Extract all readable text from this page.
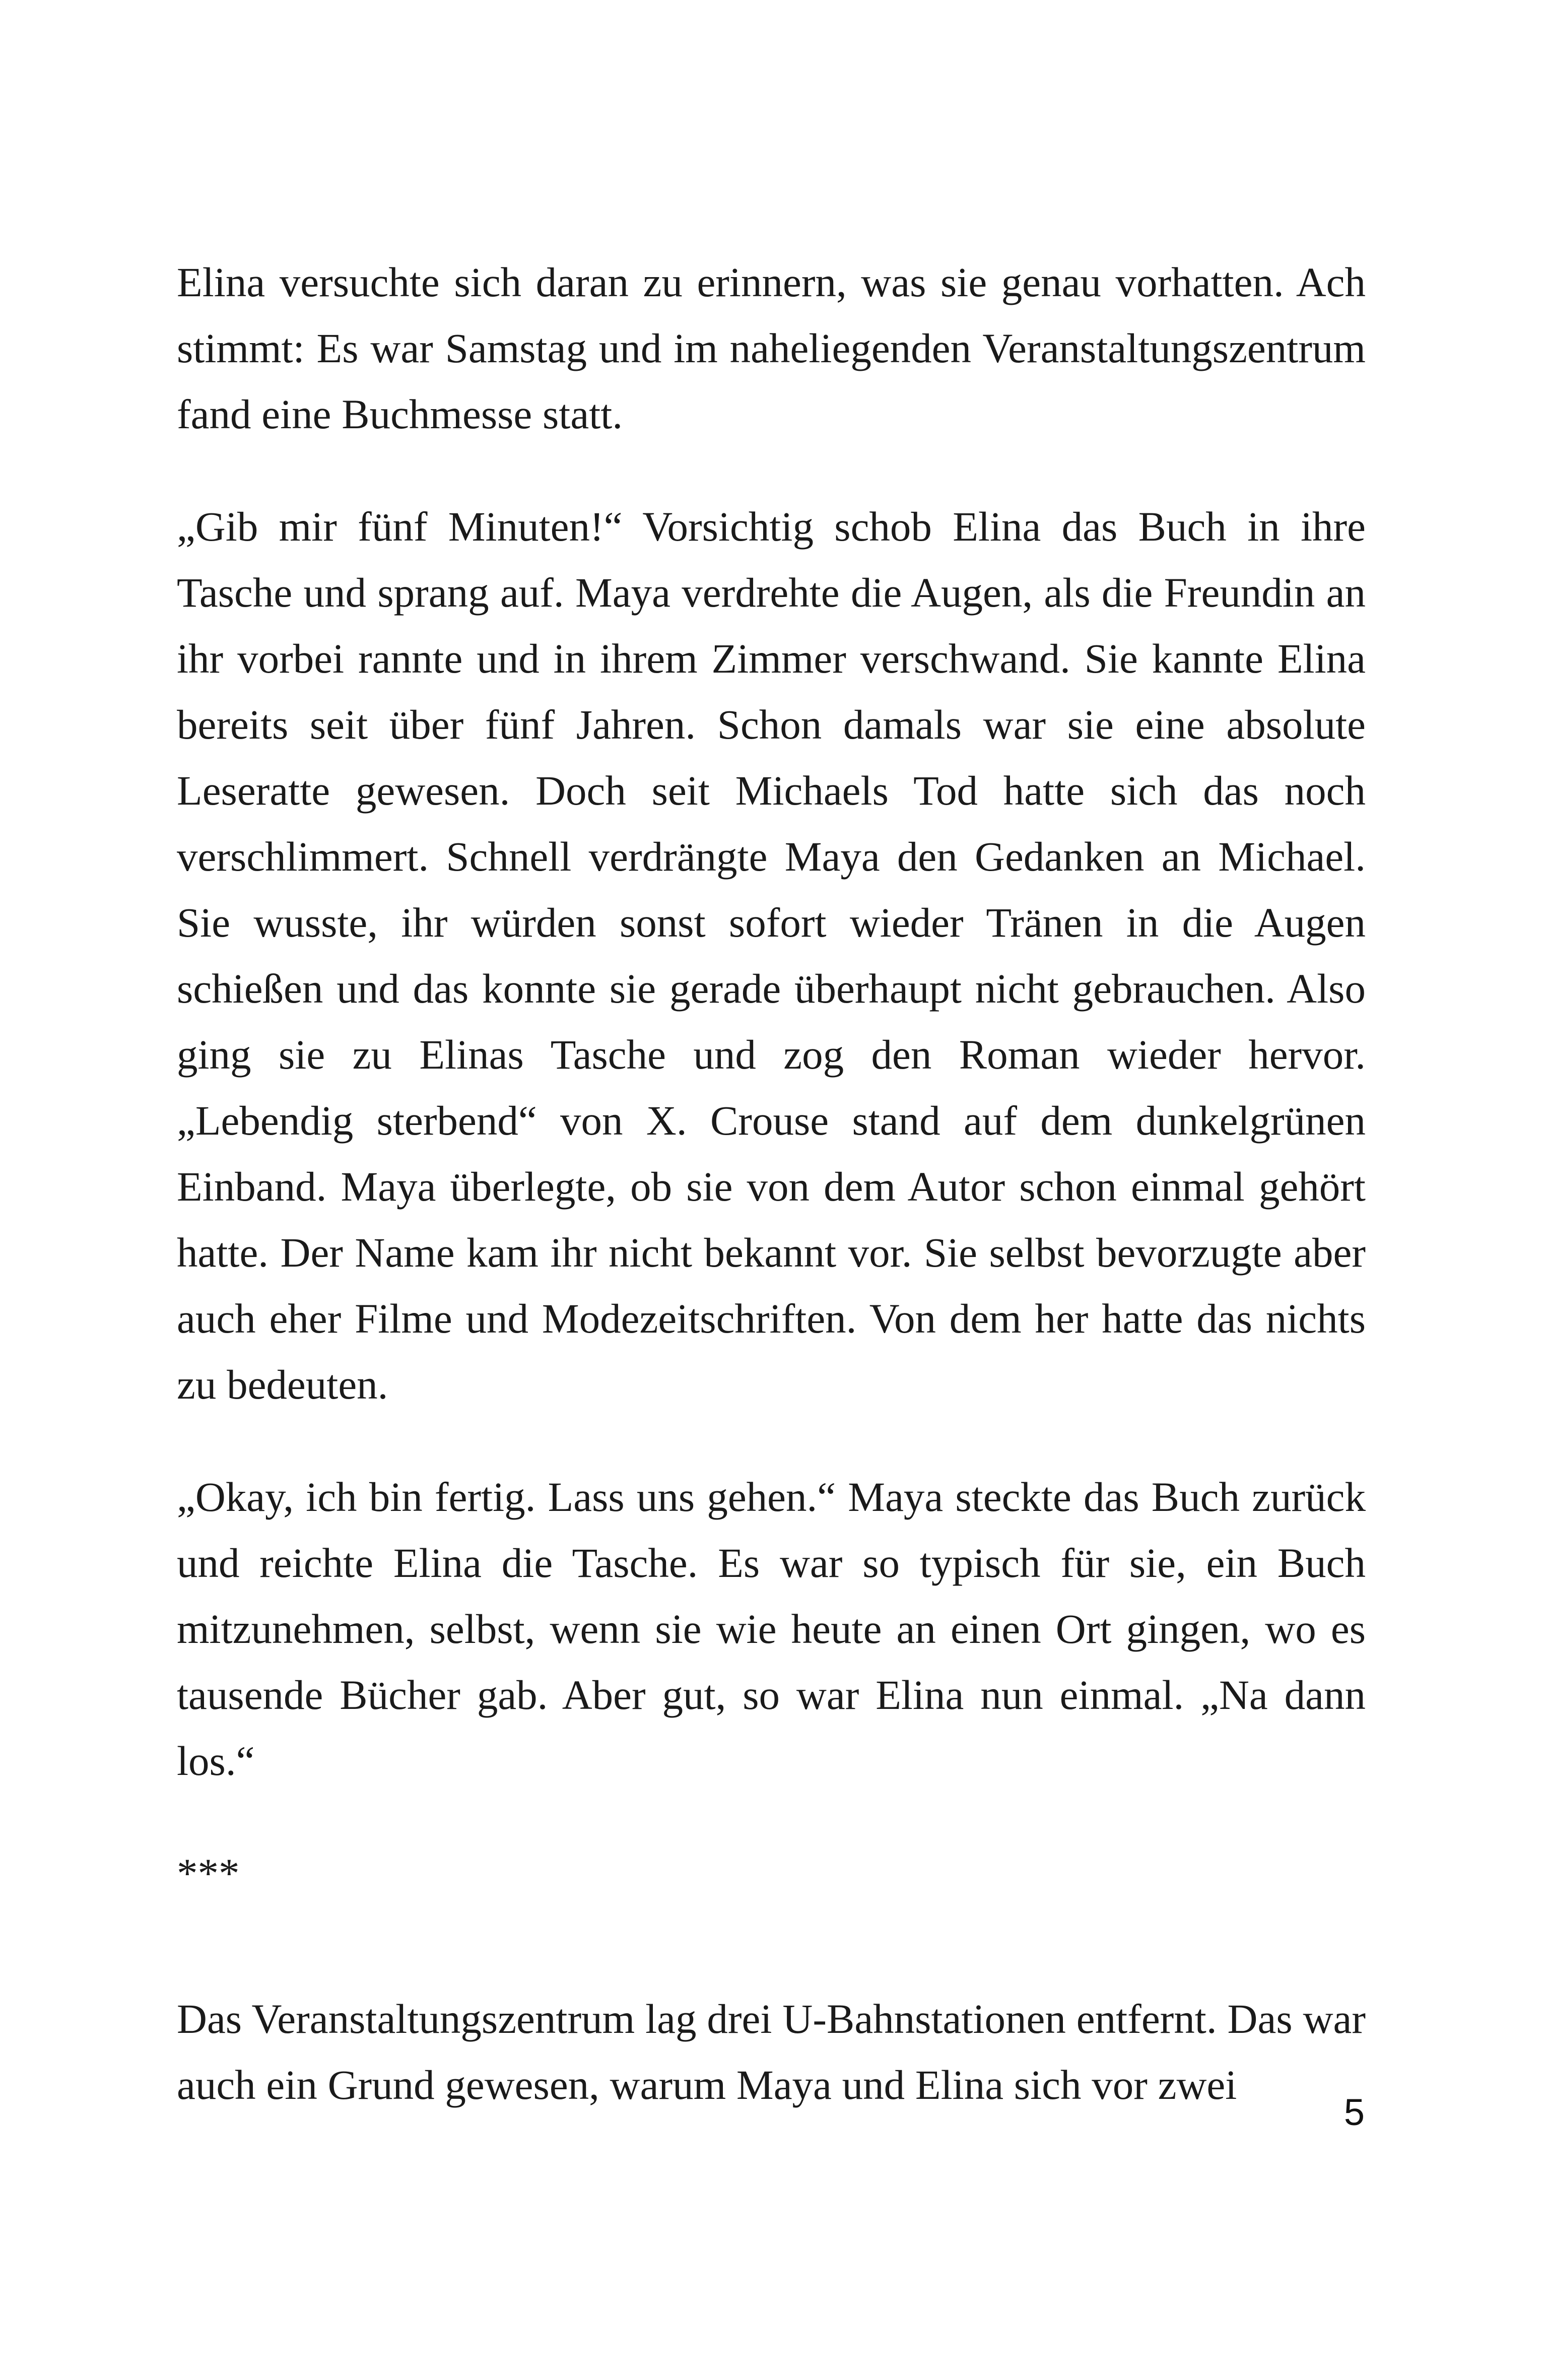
Elina versuchte sich daran zu erinnern, was sie genau vorhatten. Ach stimmt: Es war Samstag und im naheliegenden Veranstaltungszentrum fand eine Buchmesse statt.

„Gib mir fünf Minuten!“ Vorsichtig schob Elina das Buch in ihre Tasche und sprang auf. Maya verdrehte die Augen, als die Freundin an ihr vorbei rannte und in ihrem Zimmer verschwand. Sie kannte Elina bereits seit über fünf Jahren. Schon damals war sie eine absolute Leseratte gewesen. Doch seit Michaels Tod hatte sich das noch verschlimmert. Schnell verdrängte Maya den Gedanken an Michael. Sie wusste, ihr würden sonst sofort wieder Tränen in die Augen schießen und das konnte sie gerade überhaupt nicht gebrauchen. Also ging sie zu Elinas Tasche und zog den Roman wieder hervor. „Lebendig sterbend“ von X. Crouse stand auf dem dunkelgrünen Einband. Maya überlegte, ob sie von dem Autor schon einmal gehört hatte. Der Name kam ihr nicht bekannt vor. Sie selbst bevorzugte aber auch eher Filme und Modezeitschriften. Von dem her hatte das nichts zu bedeuten.

„Okay, ich bin fertig. Lass uns gehen.“ Maya steckte das Buch zurück und reichte Elina die Tasche. Es war so typisch für sie, ein Buch mitzunehmen, selbst, wenn sie wie heute an einen Ort gingen, wo es tausende Bücher gab. Aber gut, so war Elina nun einmal. „Na dann los.“

***

Das Veranstaltungszentrum lag drei U-Bahnstationen entfernt. Das war auch ein Grund gewesen, warum Maya und Elina sich vor zwei

5
